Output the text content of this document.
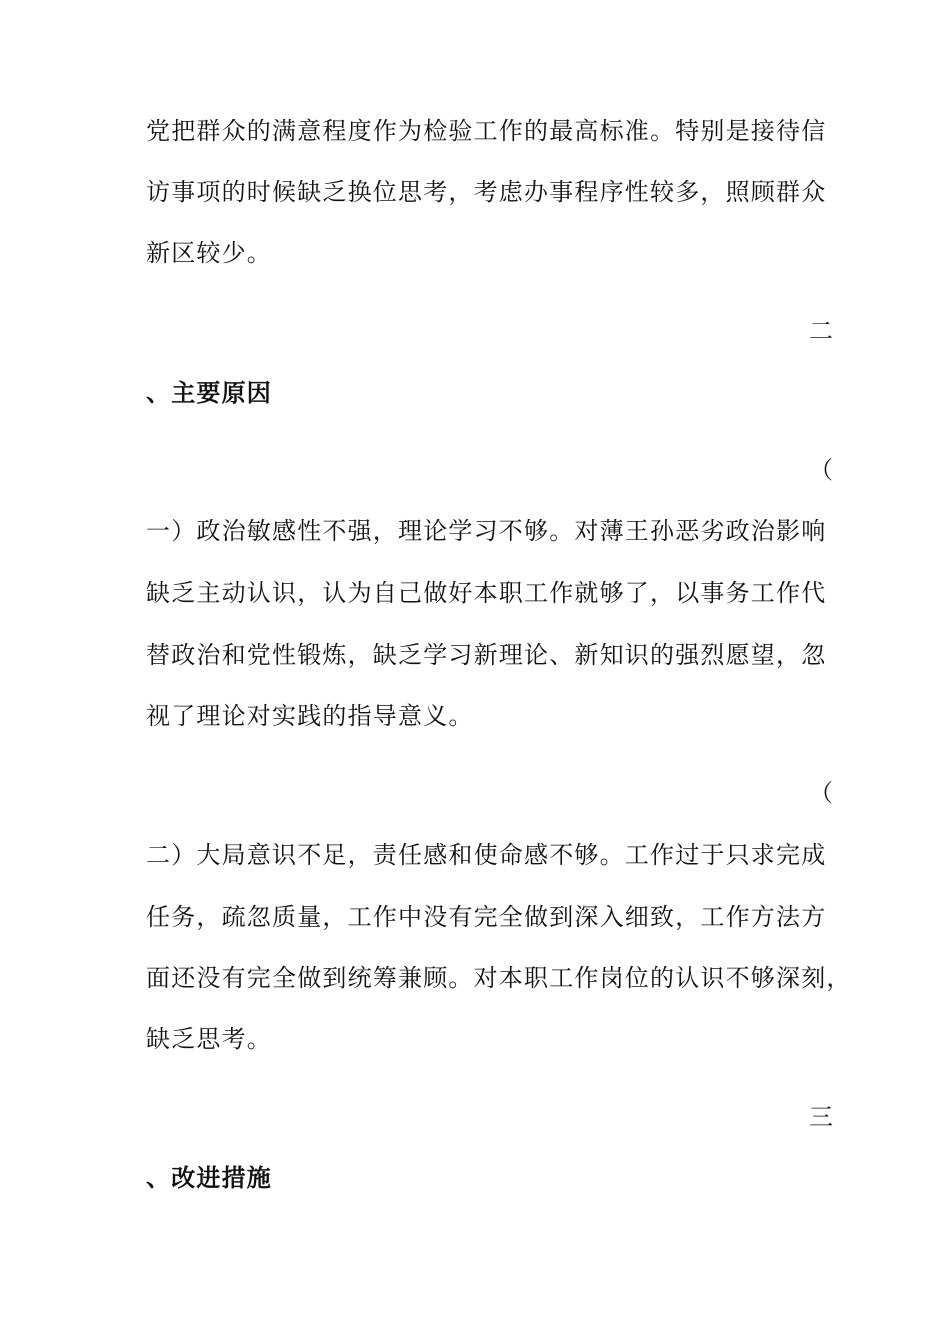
党把群众的满意程度作为检验工作的最高标准。特别是接待信
访事项的时候缺乏换位思考，考虑办事程序性较多，照顾群众
新区较少。
二
、主要原因
（
一）政治敏感性不强，理论学习不够。对薄王孙恶劣政治影响
缺乏主动认识，认为自己做好本职工作就够了，以事务工作代
替政治和党性锻炼，缺乏学习新理论、新知识的强烈愿望，忽
视了理论对实践的指导意义。
（
二）大局意识不足，责任感和使命感不够。工作过于只求完成
任务，疏忽质量，工作中没有完全做到深入细致，工作方法方
面还没有完全做到统筹兼顾。对本职工作岗位的认识不够深刻，
缺乏思考。
三
、改进措施
